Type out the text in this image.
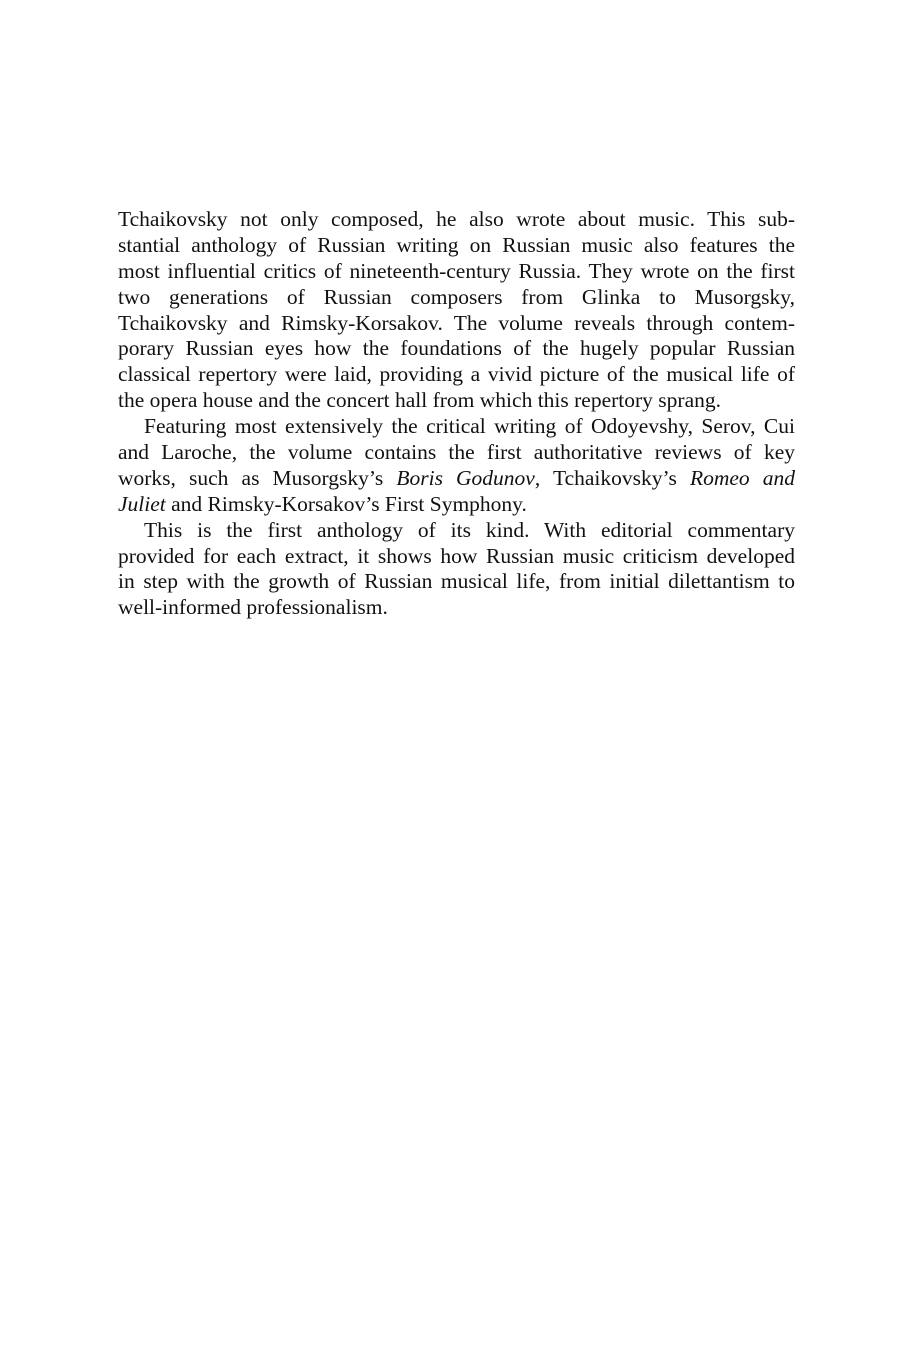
Tchaikovsky not only composed, he also wrote about music. This sub-
stantial anthology of Russian writing on Russian music also features the
most influential critics of nineteenth-century Russia. They wrote on the first
two generations of Russian composers from Glinka to Musorgsky,
Tchaikovsky and Rimsky-Korsakov. The volume reveals through contem-
porary Russian eyes how the foundations of the hugely popular Russian
classical repertory were laid, providing a vivid picture of the musical life of
the opera house and the concert hall from which this repertory sprang.
Featuring most extensively the critical writing of Odoyevshy, Serov, Cui
and Laroche, the volume contains the first authoritative reviews of key
works, such as Musorgsky’s Boris Godunov, Tchaikovsky’s Romeo and
Juliet and Rimsky-Korsakov’s First Symphony.
This is the first anthology of its kind. With editorial commentary
provided for each extract, it shows how Russian music criticism developed
in step with the growth of Russian musical life, from initial dilettantism to
well-informed professionalism.
